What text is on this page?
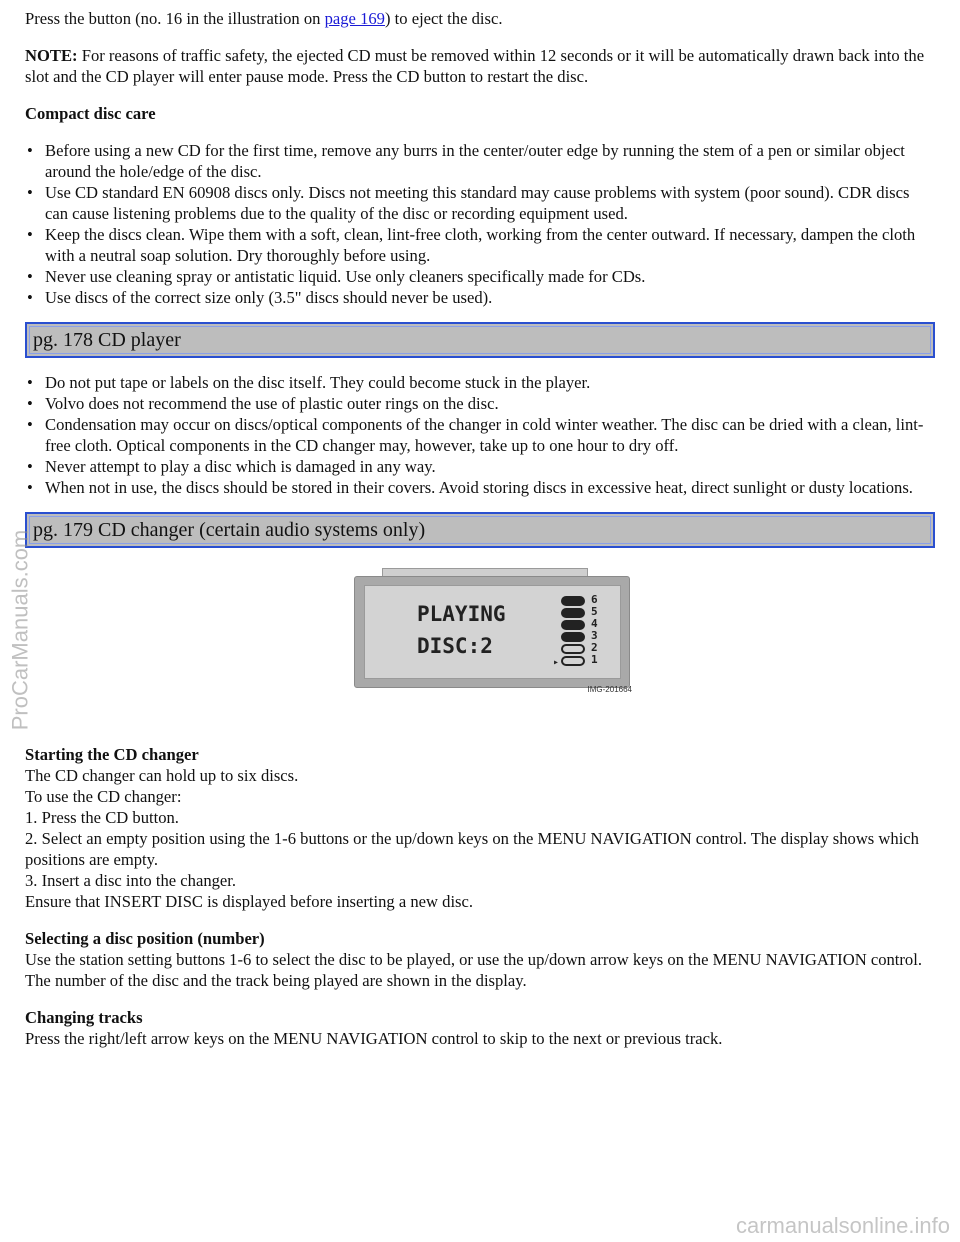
Press the button (no. 16 in the illustration on page 169) to eject the disc.

NOTE: For reasons of traffic safety, the ejected CD must be removed within 12 seconds or it will be automatically drawn back into the slot and the CD player will enter pause mode. Press the CD button to restart the disc.

Compact disc care

• Before using a new CD for the first time, remove any burrs in the center/outer edge by running the stem of a pen or similar object around the hole/edge of the disc.
• Use CD standard EN 60908 discs only. Discs not meeting this standard may cause problems with system (poor sound). CDR discs can cause listening problems due to the quality of the disc or recording equipment used.
• Keep the discs clean. Wipe them with a soft, clean, lint-free cloth, working from the center outward. If necessary, dampen the cloth with a neutral soap solution. Dry thoroughly before using.
• Never use cleaning spray or antistatic liquid. Use only cleaners specifically made for CDs.
• Use discs of the correct size only (3.5" discs should never be used).
pg. 178 CD player
• Do not put tape or labels on the disc itself. They could become stuck in the player.
• Volvo does not recommend the use of plastic outer rings on the disc.
• Condensation may occur on discs/optical components of the changer in cold winter weather. The disc can be dried with a clean, lint-free cloth. Optical components in the CD changer may, however, take up to one hour to dry off.
• Never attempt to play a disc which is damaged in any way.
• When not in use, the discs should be stored in their covers. Avoid storing discs in excessive heat, direct sunlight or dusty locations.
pg. 179 CD changer (certain audio systems only)
PLAYING
DISC:2
▸
6
5
4
3
2
1
IMG-201664

Starting the CD changer

The CD changer can hold up to six discs.

To use the CD changer:

1. Press the CD button.

2. Select an empty position using the 1-6 buttons or the up/down keys on the MENU NAVIGATION control. The display shows which positions are empty.

3. Insert a disc into the changer.

Ensure that INSERT DISC is displayed before inserting a new disc.

Selecting a disc position (number)

Use the station setting buttons 1-6 to select the disc to be played, or use the up/down arrow keys on the MENU NAVIGATION control. The number of the disc and the track being played are shown in the display.

Changing tracks

Press the right/left arrow keys on the MENU NAVIGATION control to skip to the next or previous track.

ProCarManuals.com
carmanualsonline.info
